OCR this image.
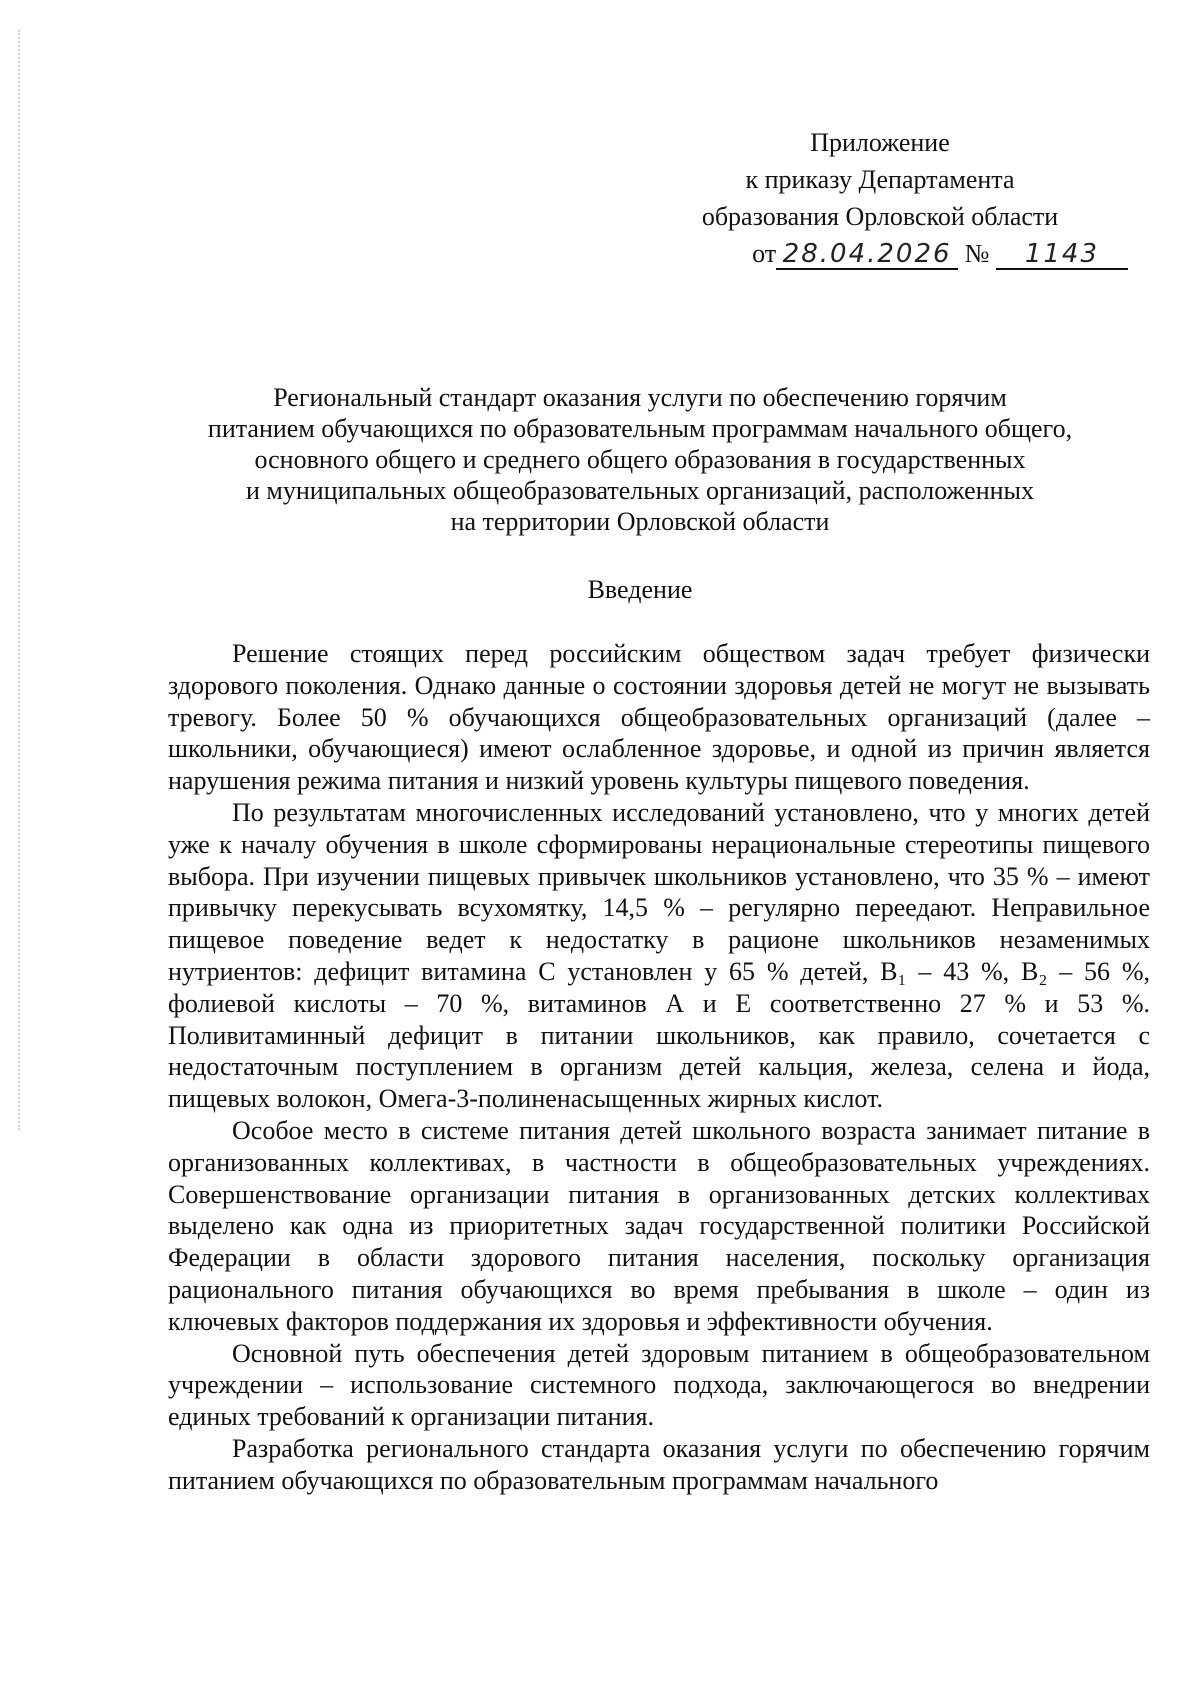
Приложение
к приказу Департамента
образования Орловской области
от 28.04.2026 № 1143
Региональный стандарт оказания услуги по обеспечению горячим
питанием обучающихся по образовательным программам начального общего,
основного общего и среднего общего образования в государственных
и муниципальных общеобразовательных организаций, расположенных
на территории Орловской области
Введение

Решение стоящих перед российским обществом задач требует физически здорового поколения. Однако данные о состоянии здоровья детей не могут не вызывать тревогу. Более 50 % обучающихся общеобразовательных организаций (далее – школьники, обучающиеся) имеют ослабленное здоровье, и одной из причин является нарушения режима питания и низкий уровень культуры пищевого поведения.

По результатам многочисленных исследований установлено, что у многих детей уже к началу обучения в школе сформированы нерациональные стереотипы пищевого выбора. При изучении пищевых привычек школьников установлено, что 35 % – имеют привычку перекусывать всухомятку, 14,5 % – регулярно переедают. Неправильное пищевое поведение ведет к недостатку в рационе школьников незаменимых нутриентов: дефицит витамина С установлен у 65 % детей, B₁ – 43 %, B₂ – 56 %, фолиевой кислоты – 70 %, витаминов А и Е соответственно 27 % и 53 %. Поливитаминный дефицит в питании школьников, как правило, сочетается с недостаточным поступлением в организм детей кальция, железа, селена и йода, пищевых волокон, Омега-3-полиненасыщенных жирных кислот.

Особое место в системе питания детей школьного возраста занимает питание в организованных коллективах, в частности в общеобразовательных учреждениях. Совершенствование организации питания в организованных детских коллективах выделено как одна из приоритетных задач государственной политики Российской Федерации в области здорового питания населения, поскольку организация рационального питания обучающихся во время пребывания в школе – один из ключевых факторов поддержания их здоровья и эффективности обучения.

Основной путь обеспечения детей здоровым питанием в общеобразовательном учреждении – использование системного подхода, заключающегося во внедрении единых требований к организации питания.

Разработка регионального стандарта оказания услуги по обеспечению горячим питанием обучающихся по образовательным программам начального
